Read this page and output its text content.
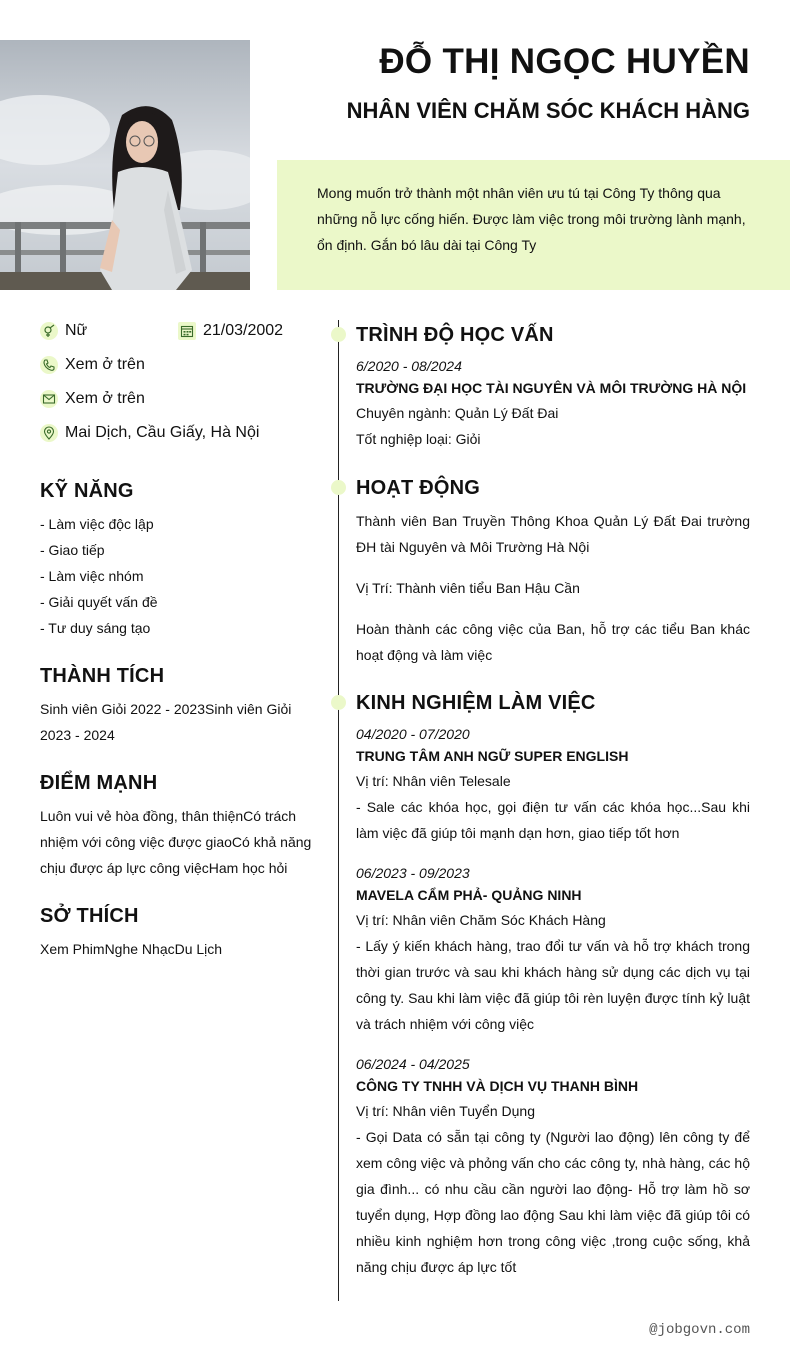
ĐỖ THỊ NGỌC HUYỀN
NHÂN VIÊN CHĂM SÓC KHÁCH HÀNG
Mong muốn trở thành một nhân viên ưu tú tại Công Ty thông qua những nỗ lực cống hiến. Được làm việc trong môi trường lành mạnh, ổn định. Gắn bó lâu dài tại Công Ty
Nữ	21/03/2002
Xem ở trên
Xem ở trên
Mai Dịch, Cầu Giấy, Hà Nội
KỸ NĂNG
- Làm việc độc lập
- Giao tiếp
- Làm việc nhóm
- Giải quyết vấn đề
- Tư duy sáng tạo
THÀNH TÍCH
Sinh viên Giỏi 2022 - 2023Sinh viên Giỏi 2023 - 2024
ĐIỂM MẠNH
Luôn vui vẻ hòa đồng, thân thiệnCó trách nhiệm với công việc được giaoCó khả năng chịu được áp lực công việcHam học hỏi
SỞ THÍCH
Xem PhimNghe NhạcDu Lịch
TRÌNH ĐỘ HỌC VẤN
6/2020 - 08/2024
TRƯỜNG ĐẠI HỌC TÀI NGUYÊN VÀ MÔI TRƯỜNG HÀ NỘI
Chuyên ngành: Quản Lý Đất Đai
Tốt nghiệp loại: Giỏi
HOẠT ĐỘNG
Thành viên Ban Truyền Thông Khoa Quản Lý Đất Đai trường ĐH tài Nguyên và Môi Trường Hà Nội
Vị Trí: Thành viên tiểu Ban Hậu Cần
Hoàn thành các công việc của Ban, hỗ trợ các tiểu Ban khác hoạt động và làm việc
KINH NGHIỆM LÀM VIỆC
04/2020 - 07/2020
TRUNG TÂM ANH NGỮ SUPER ENGLISH
Vị trí: Nhân viên Telesale
- Sale các khóa học, gọi điện tư vấn các khóa học...Sau khi làm việc đã giúp tôi mạnh dạn hơn, giao tiếp tốt hơn
06/2023 - 09/2023
MAVELA CẨM PHẢ- QUẢNG NINH
Vị trí: Nhân viên Chăm Sóc Khách Hàng
- Lấy ý kiến khách hàng, trao đổi tư vấn và hỗ trợ khách trong thời gian trước và sau khi khách hàng sử dụng các dịch vụ tại công ty. Sau khi làm việc đã giúp tôi rèn luyện được tính kỷ luật và trách nhiệm với công việc
06/2024 - 04/2025
CÔNG TY TNHH VÀ DỊCH VỤ THANH BÌNH
Vị trí: Nhân viên Tuyển Dụng
- Gọi Data có sẵn tại công ty (Người lao động) lên công ty để xem công việc và phỏng vấn cho các công ty, nhà hàng, các hộ gia đình... có nhu cầu cần người lao động- Hỗ trợ làm hồ sơ tuyển dụng, Hợp đồng lao động Sau khi làm việc đã giúp tôi có nhiều kinh nghiệm hơn trong công việc ,trong cuộc sống, khả năng chịu được áp lực tốt
@jobgovn.com
